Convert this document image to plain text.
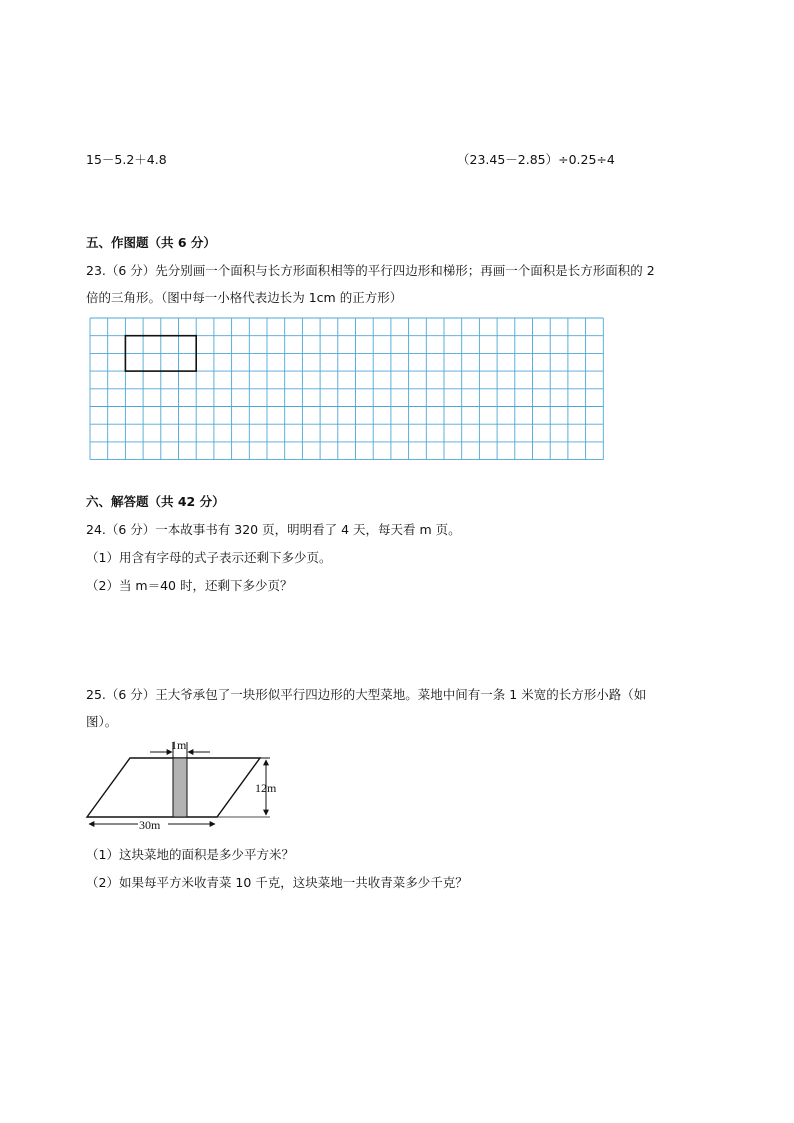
15－5.2＋4.8	（23.45－2.85）÷0.25÷4
五、作图题（共 6 分）
23.（6 分）先分别画一个面积与长方形面积相等的平行四边形和梯形；再画一个面积是长方形面积的 2
倍的三角形。（图中每一小格代表边长为 1cm 的正方形）
六、解答题（共 42 分）
24.（6 分）一本故事书有 320 页，明明看了 4 天，每天看 m 页。
（1）用含有字母的式子表示还剩下多少页。
（2）当 m＝40 时，还剩下多少页？
25.（6 分）王大爷承包了一块形似平行四边形的大型菜地。菜地中间有一条 1 米宽的长方形小路（如
图）。
1m
12m
30m
（1）这块菜地的面积是多少平方米？
（2）如果每平方米收青菜 10 千克，这块菜地一共收青菜多少千克？
